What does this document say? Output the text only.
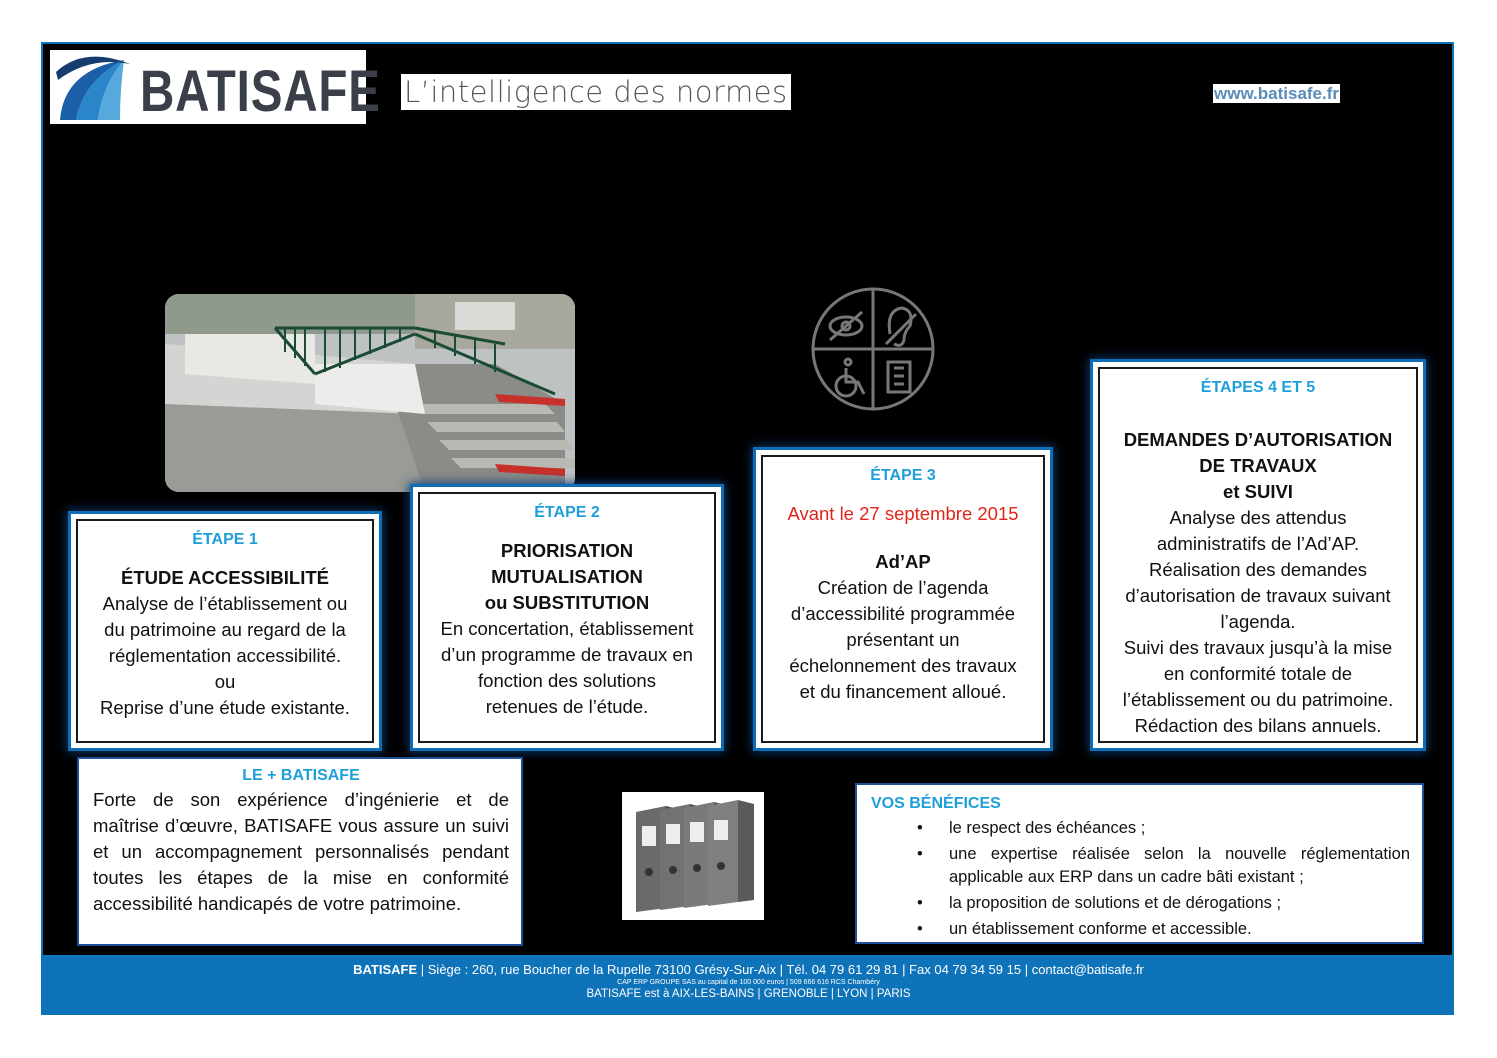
BATISAFE L’intelligence des normes	www.batisafe.fr
ÉTAPE 1
ÉTUDE ACCESSIBILITÉ
Analyse de l’établissement ou
du patrimoine au regard de la
réglementation accessibilité.
ou
Reprise d’une étude existante.
ÉTAPE 2
PRIORISATION
MUTUALISATION
ou SUBSTITUTION
En concertation, établissement
d’un programme de travaux en
fonction des solutions
retenues de l’étude.
ÉTAPE 3
Avant le 27 septembre 2015
Ad’AP
Création de l’agenda
d’accessibilité programmée
présentant un
échelonnement des travaux
et du financement alloué.
ÉTAPES 4 ET 5
DEMANDES D’AUTORISATION
DE TRAVAUX
et SUIVI
Analyse des attendus
administratifs de l’Ad’AP.
Réalisation des demandes
d’autorisation de travaux suivant
l’agenda.
Suivi des travaux jusqu’à la mise
en conformité totale de
l’établissement ou du patrimoine.
Rédaction des bilans annuels.
LE + BATISAFE
Forte de son expérience d’ingénierie et de maîtrise d’œuvre, BATISAFE vous assure un suivi et un accompagnement personnalisés pendant toutes les étapes de la mise en conformité accessibilité handicapés de votre patrimoine.
VOS BÉNÉFICES
• le respect des échéances ;
• une expertise réalisée selon la nouvelle réglementation applicable aux ERP dans un cadre bâti existant ;
• la proposition de solutions et de dérogations ;
• un établissement conforme et accessible.
BATISAFE | Siège : 260, rue Boucher de la Rupelle 73100 Grésy-Sur-Aix | Tél. 04 79 61 29 81 | Fax 04 79 34 59 15 | contact@batisafe.fr
CAP ERP GROUPE SAS au capital de 100 000 euros | 509 666 616 RCS Chambéry
BATISAFE est à AIX-LES-BAINS | GRENOBLE | LYON | PARIS
